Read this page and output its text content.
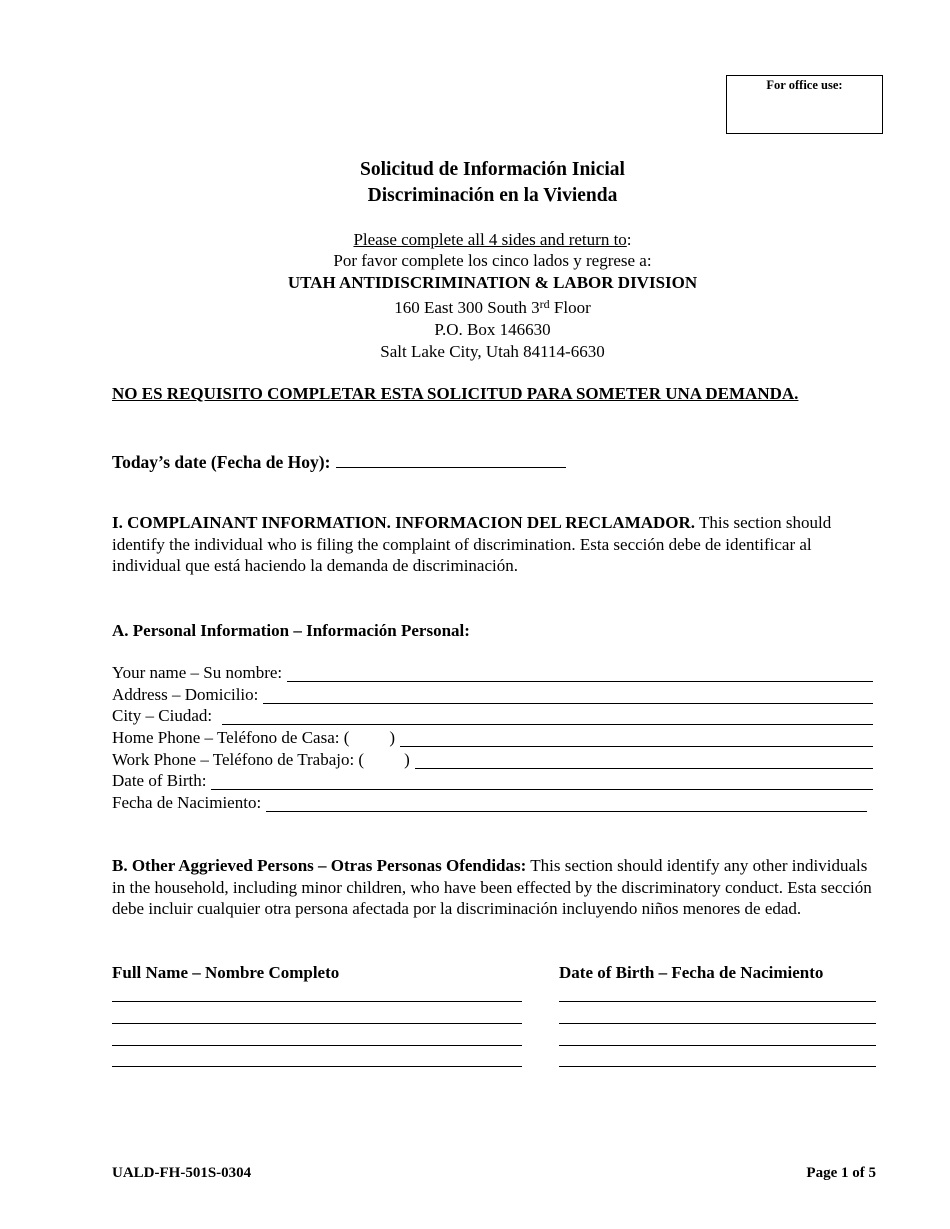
For office use:
Solicitud de Información Inicial
Discriminación en la Vivienda
Please complete all 4 sides and return to:
Por favor complete los cinco lados y regrese a:
UTAH ANTIDISCRIMINATION & LABOR DIVISION
160 East 300 South 3rd Floor
P.O. Box 146630
Salt Lake City, Utah 84114-6630
NO ES REQUISITO COMPLETAR ESTA SOLICITUD PARA SOMETER UNA DEMANDA.
Today’s date (Fecha de Hoy):
I. COMPLAINANT INFORMATION. INFORMACION DEL RECLAMADOR. This section should identify the individual who is filing the complaint of discrimination. Esta sección debe de identificar al individual que está haciendo la demanda de discriminación.
A. Personal Information – Información Personal:
Your name – Su nombre:
Address – Domicilio:
City – Ciudad:
Home Phone – Teléfono de Casa: ( )
Work Phone – Teléfono de Trabajo: ( )
Date of Birth:
Fecha de Nacimiento:
B. Other Aggrieved Persons – Otras Personas Ofendidas: This section should identify any other individuals in the household, including minor children, who have been effected by the discriminatory conduct. Esta sección debe incluir cualquier otra persona afectada por la discriminación incluyendo niños menores de edad.
Full Name – Nombre Completo	Date of Birth – Fecha de Nacimiento
UALD-FH-501S-0304	Page 1 of 5
